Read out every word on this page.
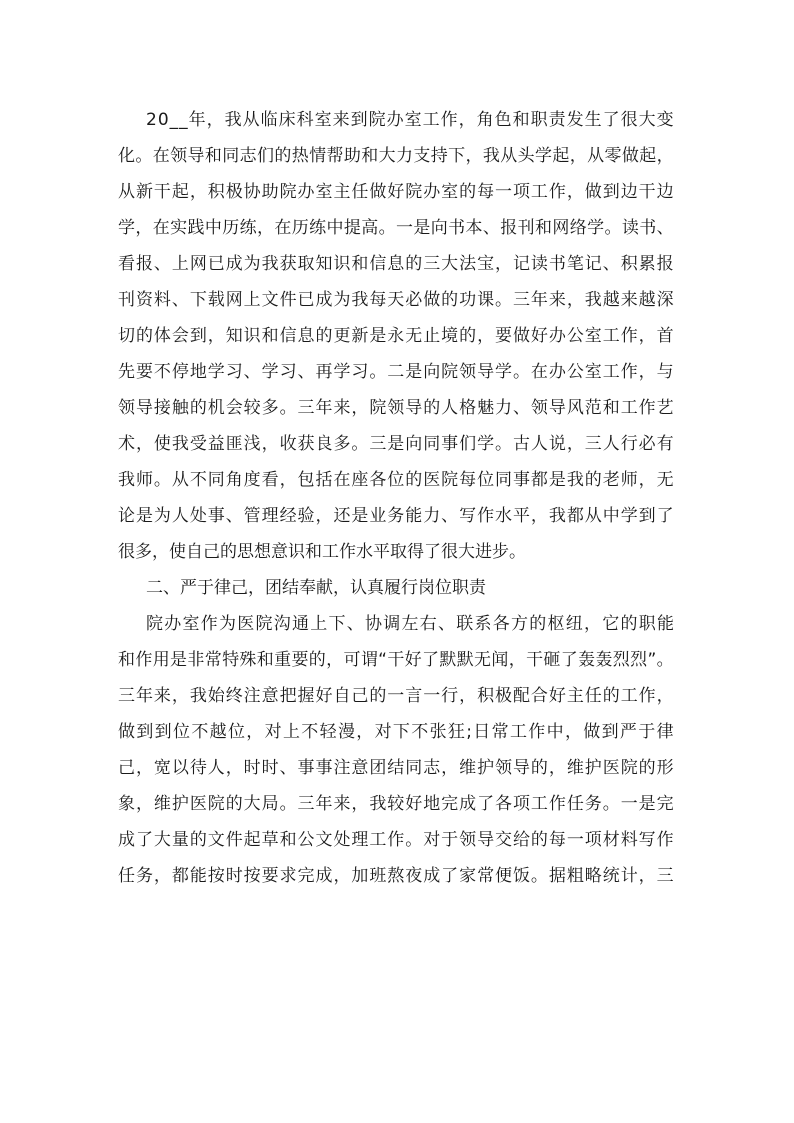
2 0 _ _ 年 ， 我 从 临 床 科 室 来 到 院 办 室 工 作 ， 角 色 和 职 责 发 生 了 很 大 变
化 。 在 领 导 和 同 志 们 的 热 情 帮 助 和 大 力 支 持 下 ， 我 从 头 学 起 ， 从 零 做 起 ，
从 新 干 起 ， 积 极 协 助 院 办 室 主 任 做 好 院 办 室 的 每 一 项 工 作 ， 做 到 边 干 边
学 ， 在 实 践 中 历 练 ， 在 历 练 中 提 高 。 一 是 向 书 本 、 报 刊 和 网 络 学 。 读 书 、
看 报 、 上 网 已 成 为 我 获 取 知 识 和 信 息 的 三 大 法 宝 ， 记 读 书 笔 记 、 积 累 报
刊 资 料 、 下 载 网 上 文 件 已 成 为 我 每 天 必 做 的 功 课 。 三 年 来 ， 我 越 来 越 深
切 的 体 会 到 ， 知 识 和 信 息 的 更 新 是 永 无 止 境 的 ， 要 做 好 办 公 室 工 作 ， 首
先 要 不 停 地 学 习 、 学 习 、 再 学 习 。 二 是 向 院 领 导 学 。 在 办 公 室 工 作 ， 与
领 导 接 触 的 机 会 较 多 。 三 年 来 ， 院 领 导 的 人 格 魅 力 、 领 导 风 范 和 工 作 艺
术 ， 使 我 受 益 匪 浅 ， 收 获 良 多 。 三 是 向 同 事 们 学 。 古 人 说 ， 三 人 行 必 有
我 师 。 从 不 同 角 度 看 ， 包 括 在 座 各 位 的 医 院 每 位 同 事 都 是 我 的 老 师 ， 无
论 是 为 人 处 事 、 管 理 经 验 ， 还 是 业 务 能 力 、 写 作 水 平 ， 我 都 从 中 学 到 了
很多，使自己的思想意识和工作水平取得了很大进步。
二、严于律己，团结奉献，认真履行岗位职责
院 办 室 作 为 医 院 沟 通 上 下 、 协 调 左 右 、 联 系 各 方 的 枢 纽 ， 它 的 职 能
和 作 用 是 非 常 特 殊 和 重 要 的 ， 可 谓 “ 干 好 了 默 默 无 闻 ， 干 砸 了 轰 轰 烈 烈 ” 。
三 年 来 ， 我 始 终 注 意 把 握 好 自 己 的 一 言 一 行 ， 积 极 配 合 好 主 任 的 工 作 ，
做 到 到 位 不 越 位 ， 对 上 不 轻 漫 ， 对 下 不 张 狂 ; 日 常 工 作 中 ， 做 到 严 于 律
己 ， 宽 以 待 人 ， 时 时 、 事 事 注 意 团 结 同 志 ， 维 护 领 导 的 ， 维 护 医 院 的 形
象 ， 维 护 医 院 的 大 局 。 三 年 来 ， 我 较 好 地 完 成 了 各 项 工 作 任 务 。 一 是 完
成 了 大 量 的 文 件 起 草 和 公 文 处 理 工 作 。 对 于 领 导 交 给 的 每 一 项 材 料 写 作
任 务 ， 都 能 按 时 按 要 求 完 成 ， 加 班 熬 夜 成 了 家 常 便 饭 。 据 粗 略 统 计 ， 三
